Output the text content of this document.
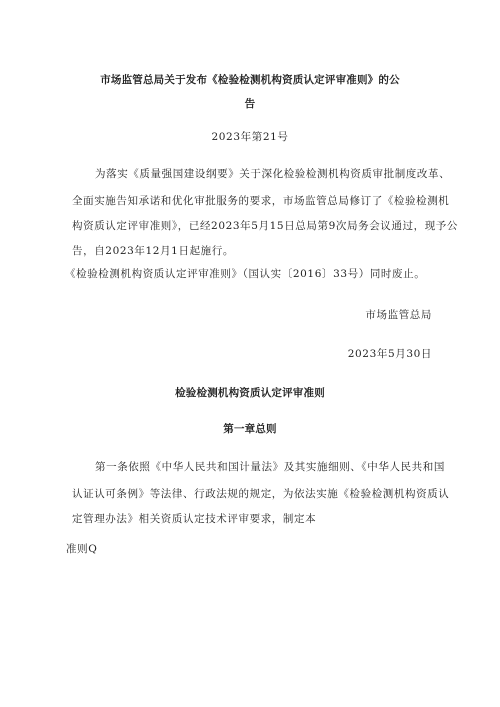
市场监管总局关于发布《检验检测机构资质认定评审准则》的公

告

2023年第21号

为落实《质量强国建设纲要》关于深化检验检测机构资质审批制度改革、

全面实施告知承诺和优化审批服务的要求，市场监管总局修订了《检验检测机

构资质认定评审准则》，已经2023年5月15日总局第9次局务会议通过，现予公

告，自2023年12月1日起施行。

《检验检测机构资质认定评审准则》（国认实〔2016〕33号）同时废止。

市场监管总局

2023年5月30日

检验检测机构资质认定评审准则

第一章总则

第一条依照《中华人民共和国计量法》及其实施细则、《中华人民共和国

认证认可条例》等法律、行政法规的规定，为依法实施《检验检测机构资质认

定管理办法》相关资质认定技术评审要求，制定本

准则Q
